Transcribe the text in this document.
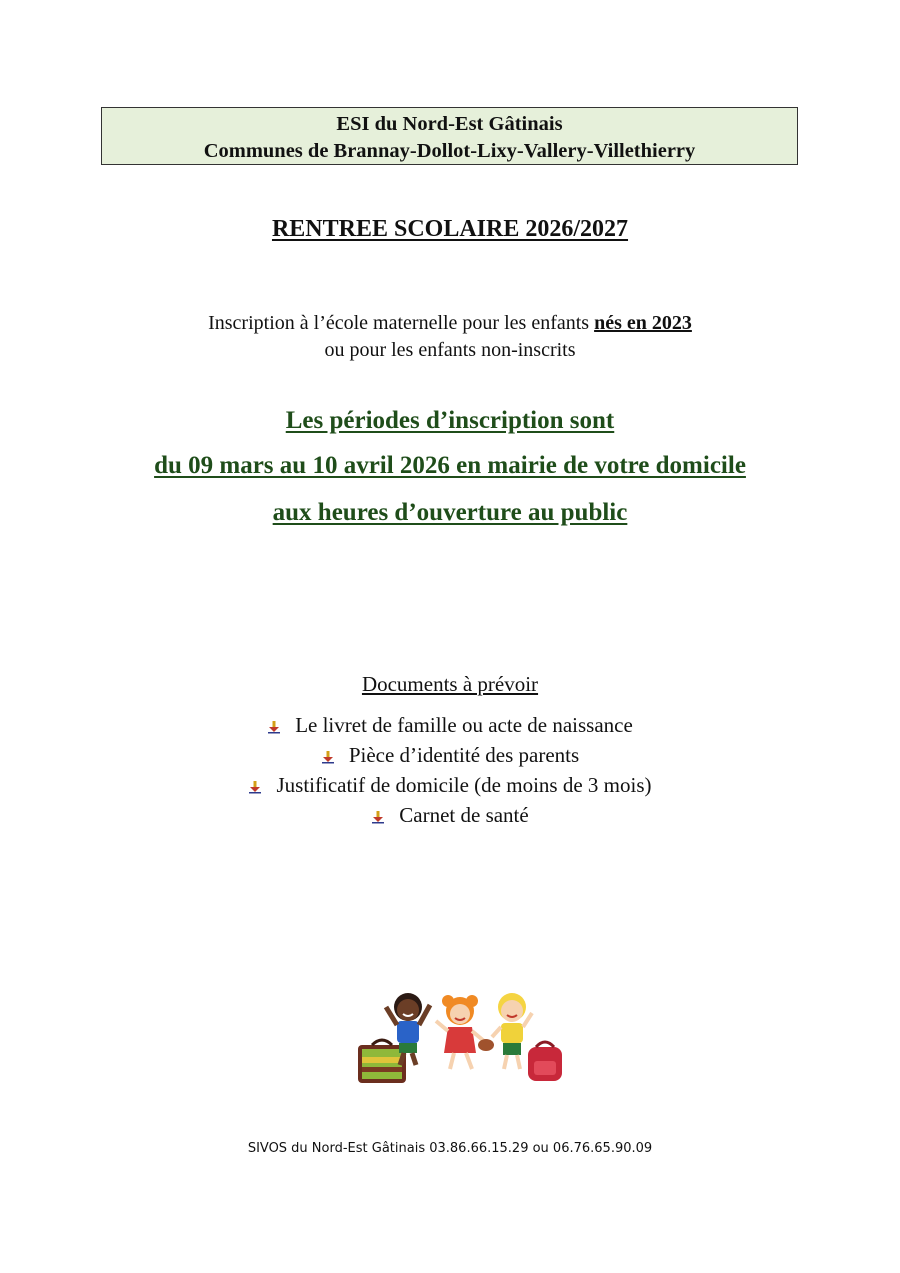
ESI du Nord-Est Gâtinais
Communes de Brannay-Dollot-Lixy-Vallery-Villethierry
RENTREE SCOLAIRE 2026/2027
Inscription à l’école maternelle pour les enfants nés en 2023
ou pour les enfants non-inscrits
Les périodes d’inscription sont
du 09 mars au 10 avril 2026 en mairie de votre domicile
aux heures d’ouverture au public
Documents à prévoir
Le livret de famille ou acte de naissance
Pièce d’identité des parents
Justificatif de domicile (de moins de 3 mois)
Carnet de santé
SIVOS du Nord-Est Gâtinais 03.86.66.15.29 ou 06.76.65.90.09
